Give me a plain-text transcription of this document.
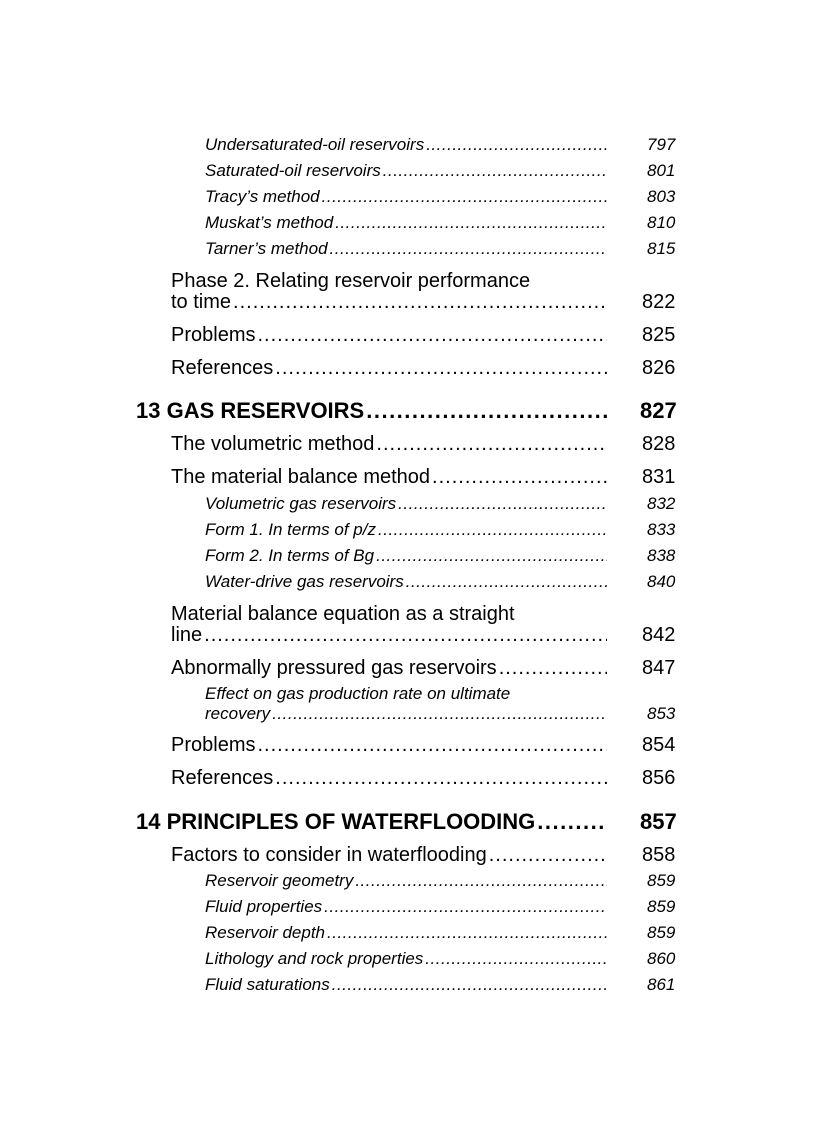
Undersaturated-oil reservoirs .....	797
Saturated-oil reservoirs .....	801
Tracy’s method .....	803
Muskat’s method .....	810
Tarner’s method .....	815
Phase 2. Relating reservoir performance
to time .....	822
Problems .....	825
References .....	826
13 GAS RESERVOIRS .....	827
The volumetric method .....	828
The material balance method .....	831
Volumetric gas reservoirs .....	832
Form 1. In terms of p/z .....	833
Form 2. In terms of Bg .....	838
Water-drive gas reservoirs .....	840
Material balance equation as a straight
line .....	842
Abnormally pressured gas reservoirs .....	847
Effect on gas production rate on ultimate
recovery .....	853
Problems .....	854
References .....	856
14 PRINCIPLES OF WATERFLOODING .....	857
Factors to consider in waterflooding .....	858
Reservoir geometry .....	859
Fluid properties .....	859
Reservoir depth .....	859
Lithology and rock properties .....	860
Fluid saturations .....	861
